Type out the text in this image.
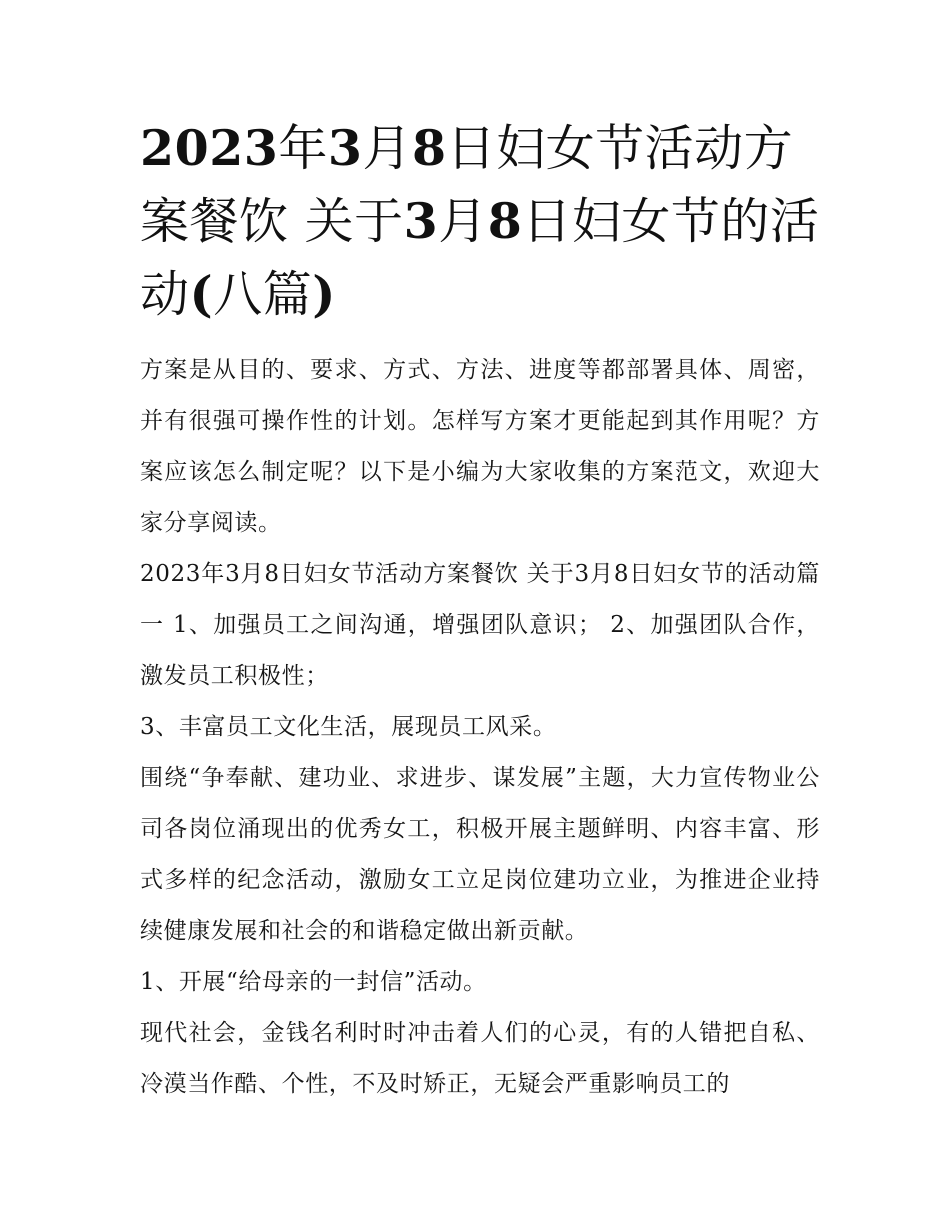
2023年3月8日妇女节活动方案餐饮 关于3月8日妇女节的活动(八篇)

方案是从目的、要求、方式、方法、进度等都部署具体、周密，并有很强可操作性的计划。怎样写方案才更能起到其作用呢？方案应该怎么制定呢？以下是小编为大家收集的方案范文，欢迎大家分享阅读。

2023年3月8日妇女节活动方案餐饮 关于3月8日妇女节的活动篇一 1、加强员工之间沟通，增强团队意识； 2、加强团队合作，激发员工积极性；

3、丰富员工文化生活，展现员工风采。

围绕“争奉献、建功业、求进步、谋发展”主题，大力宣传物业公司各岗位涌现出的优秀女工，积极开展主题鲜明、内容丰富、形式多样的纪念活动，激励女工立足岗位建功立业，为推进企业持续健康发展和社会的和谐稳定做出新贡献。

1、开展“给母亲的一封信”活动。

现代社会，金钱名利时时冲击着人们的心灵，有的人错把自私、冷漠当作酷、个性，不及时矫正，无疑会严重影响员工的
